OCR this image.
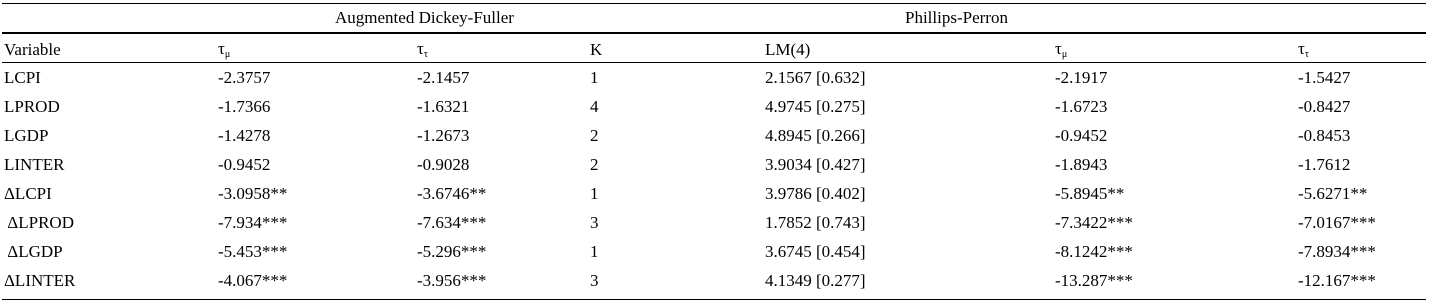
Augmented Dickey-Fuller	Phillips-Perron
Variable	$\tau_\mu$	$\tau_\tau$	K	LM(4)	$\tau_\mu$	$\tau_\tau$
LCPI	-2.3757	-2.1457	1	2.1567 [0.632]	-2.1917	-1.5427
LPROD	-1.7366	-1.6321	4	4.9745 [0.275]	-1.6723	-0.8427
LGDP	-1.4278	-1.2673	2	4.8945 [0.266]	-0.9452	-0.8453
LINTER	-0.9452	-0.9028	2	3.9034 [0.427]	-1.8943	-1.7612
ΔLCPI	-3.0958**	-3.6746**	1	3.9786 [0.402]	-5.8945**	-5.6271**
ΔLPROD	-7.934***	-7.634***	3	1.7852 [0.743]	-7.3422***	-7.0167***
ΔLGDP	-5.453***	-5.296***	1	3.6745 [0.454]	-8.1242***	-7.8934***
ΔLINTER	-4.067***	-3.956***	3	4.1349 [0.277]	-13.287***	-12.167***
